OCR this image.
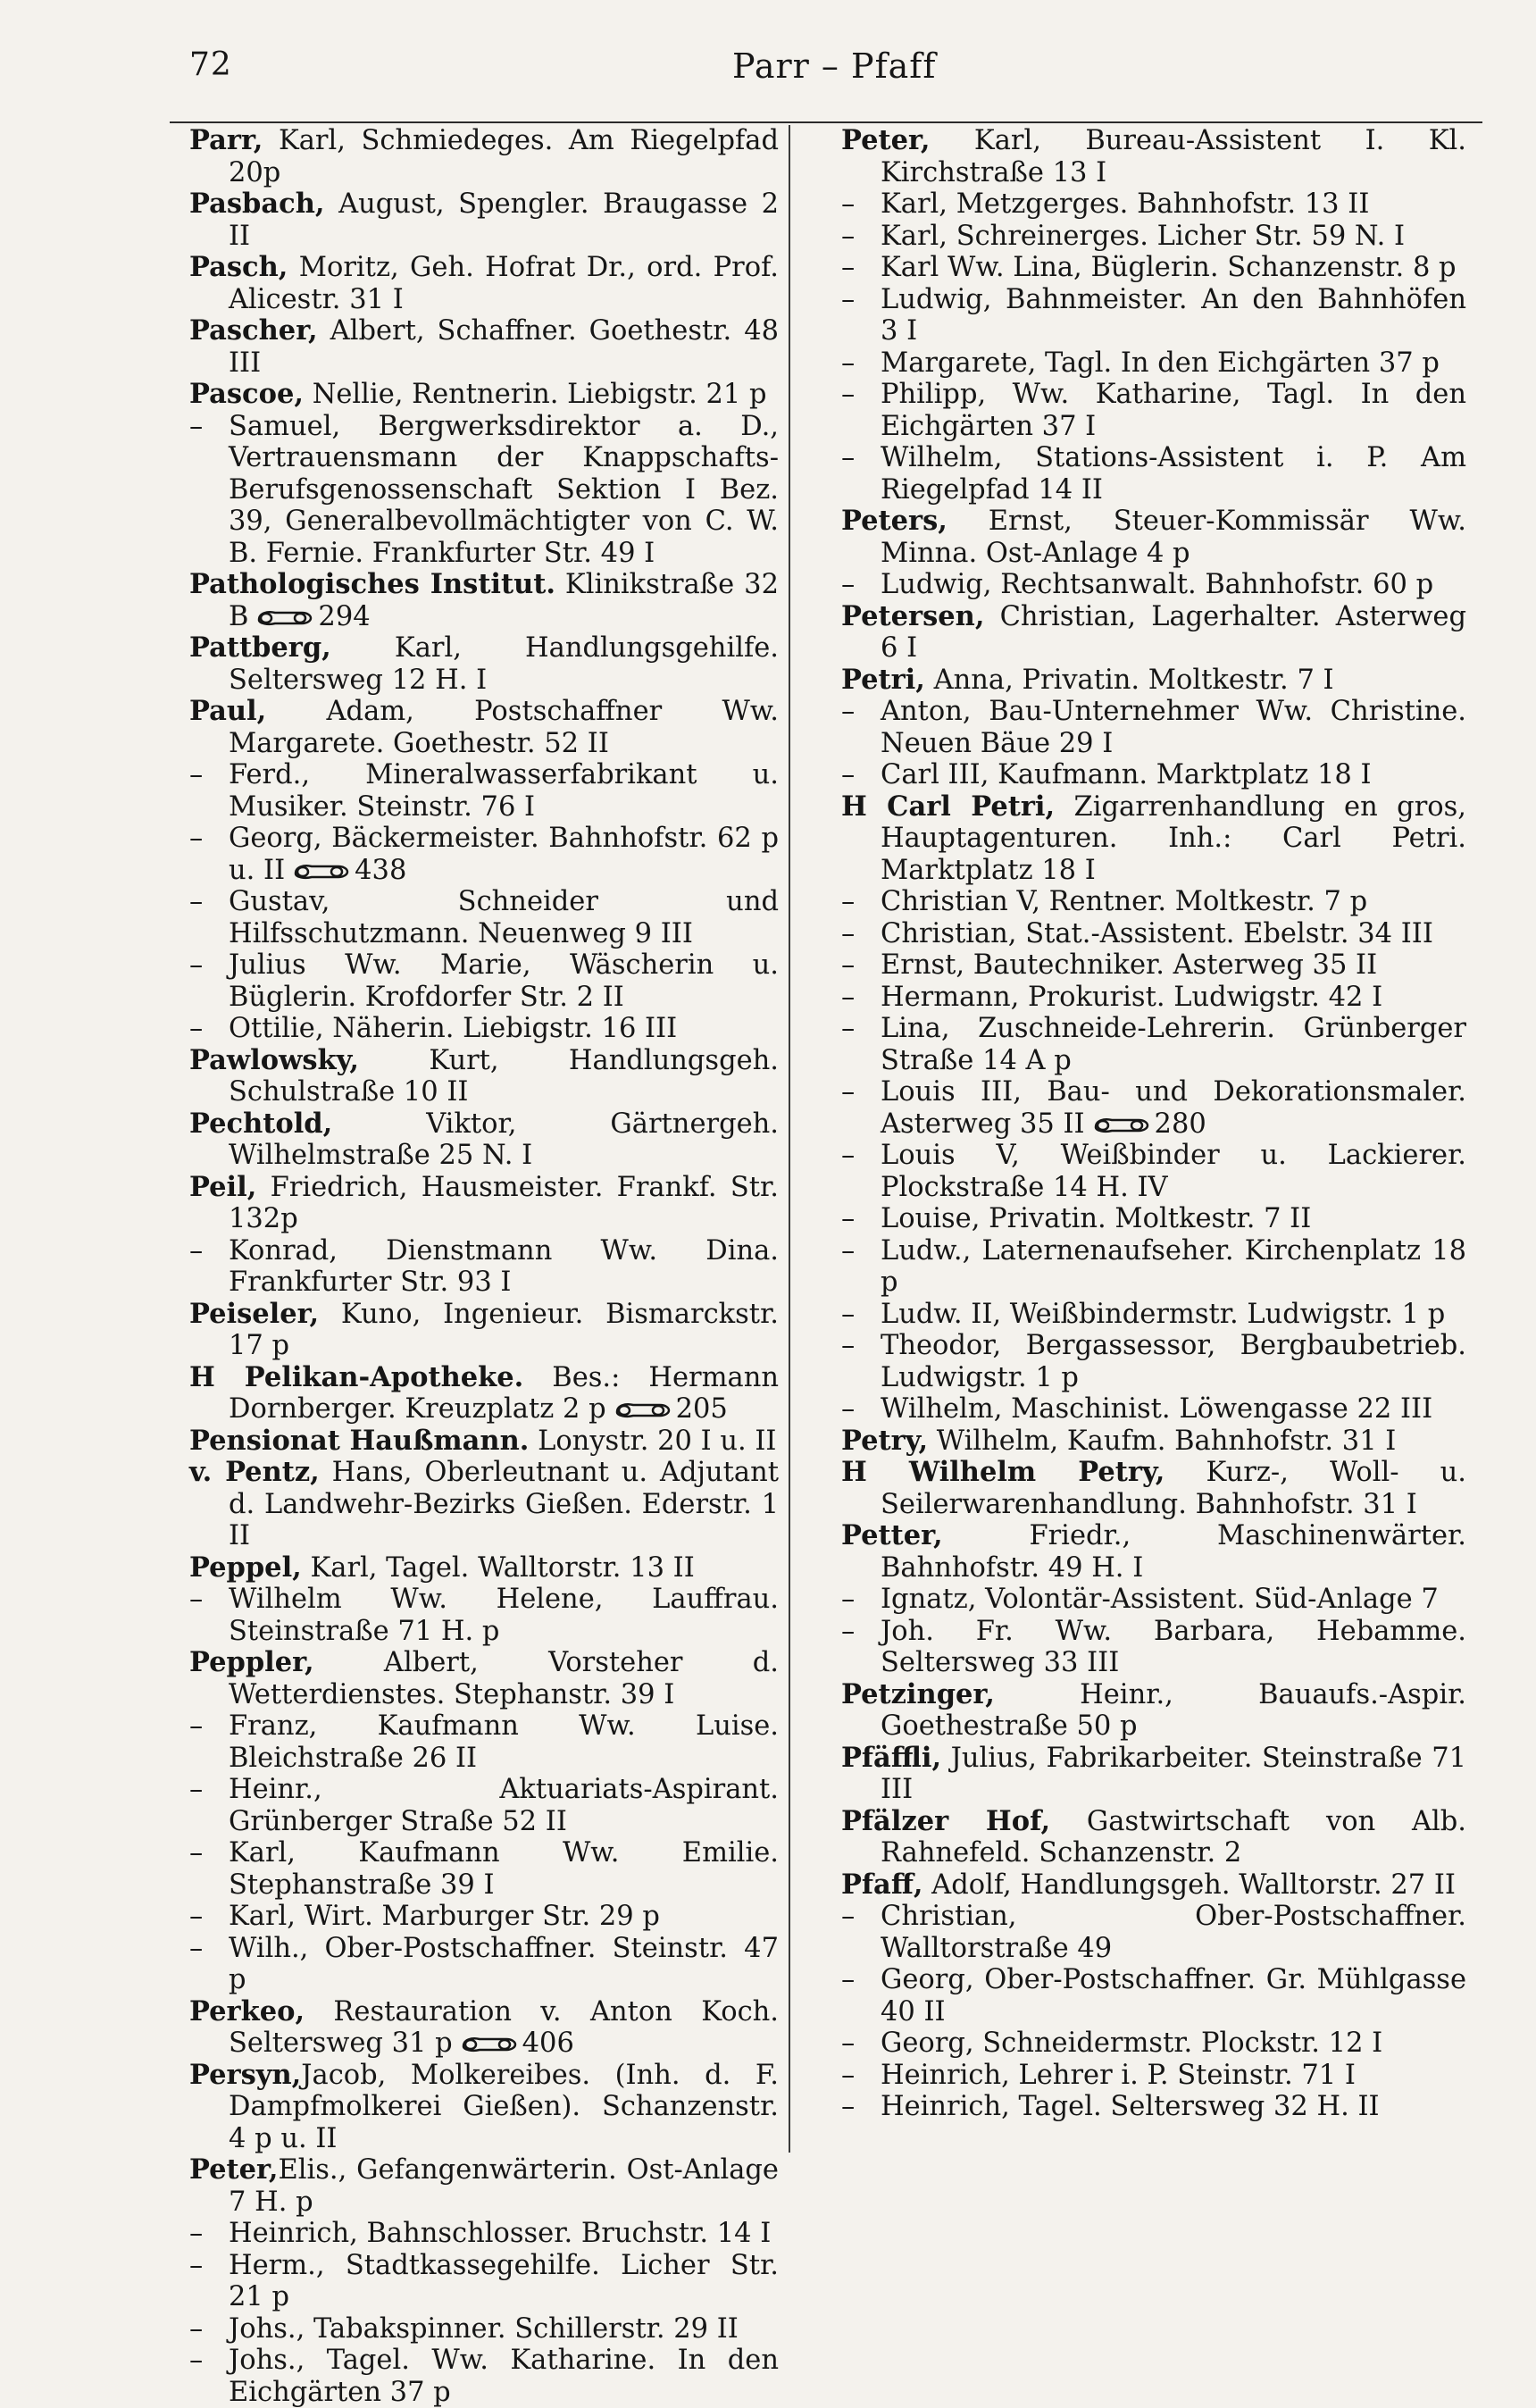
72	Parr – Pfaff

Parr, Karl, Schmiedeges. Am Riegelpfad 20p

Pasbach, August, Spengler. Braugasse 2 II

Pasch, Moritz, Geh. Hofrat Dr., ord. Prof. Alicestr. 31 I

Pascher, Albert, Schaffner. Goethestr. 48 III

Pascoe, Nellie, Rentnerin. Liebigstr. 21 p

– Samuel, Bergwerksdirektor a. D., Vertrauensmann der Knappschafts-Berufsgenossenschaft Sektion I Bez. 39, Generalbevollmächtigter von C. W. B. Fernie. Frankfurter Str. 49 I

Pathologisches Institut. Klinikstraße 32 B	294

Pattberg, Karl, Handlungsgehilfe. Seltersweg 12 H. I

Paul, Adam, Postschaffner Ww. Margarete. Goethestr. 52 II

– Ferd., Mineralwasserfabrikant u. Musiker. Steinstr. 76 I

– Georg, Bäckermeister. Bahnhofstr. 62 p u. II	438

– Gustav, Schneider und Hilfsschutzmann. Neuenweg 9 III

– Julius Ww. Marie, Wäscherin u. Büglerin. Krofdorfer Str. 2 II

– Ottilie, Näherin. Liebigstr. 16 III

Pawlowsky, Kurt, Handlungsgeh. Schulstraße 10 II

Pechtold, Viktor, Gärtnergeh. Wilhelmstraße 25 N. I

Peil, Friedrich, Hausmeister. Frankf. Str. 132p

– Konrad, Dienstmann Ww. Dina. Frankfurter Str. 93 I

Peiseler, Kuno, Ingenieur. Bismarckstr. 17 p

H Pelikan-Apotheke. Bes.: Hermann Dornberger. Kreuzplatz 2 p	205

Pensionat Haußmann. Lonystr. 20 I u. II

v. Pentz, Hans, Oberleutnant u. Adjutant d. Landwehr-Bezirks Gießen. Ederstr. 1 II

Peppel, Karl, Tagel. Walltorstr. 13 II

– Wilhelm Ww. Helene, Lauffrau. Steinstraße 71 H. p

Peppler, Albert, Vorsteher d. Wetterdienstes. Stephanstr. 39 I

– Franz, Kaufmann Ww. Luise. Bleichstraße 26 II

– Heinr., Aktuariats-Aspirant. Grünberger Straße 52 II

– Karl, Kaufmann Ww. Emilie. Stephanstraße 39 I

– Karl, Wirt. Marburger Str. 29 p

– Wilh., Ober-Postschaffner. Steinstr. 47 p

Perkeo, Restauration v. Anton Koch. Seltersweg 31 p	406

Persyn,Jacob, Molkereibes. (Inh. d. F. Dampfmolkerei Gießen). Schanzenstr. 4 p u. II

Peter,Elis., Gefangenwärterin. Ost-Anlage 7 H. p

– Heinrich, Bahnschlosser. Bruchstr. 14 I

– Herm., Stadtkassegehilfe. Licher Str. 21 p

– Johs., Tabakspinner. Schillerstr. 29 II

– Johs., Tagel. Ww. Katharine. In den Eichgärten 37 p

Peter, Karl, Bureau-Assistent I. Kl. Kirchstraße 13 I

– Karl, Metzgerges. Bahnhofstr. 13 II

– Karl, Schreinerges. Licher Str. 59 N. I

– Karl Ww. Lina, Büglerin. Schanzenstr. 8 p

– Ludwig, Bahnmeister. An den Bahnhöfen 3 I

– Margarete, Tagl. In den Eichgärten 37 p

– Philipp, Ww. Katharine, Tagl. In den Eichgärten 37 I

– Wilhelm, Stations-Assistent i. P. Am Riegelpfad 14 II

Peters, Ernst, Steuer-Kommissär Ww. Minna. Ost-Anlage 4 p

– Ludwig, Rechtsanwalt. Bahnhofstr. 60 p

Petersen, Christian, Lagerhalter. Asterweg 6 I

Petri, Anna, Privatin. Moltkestr. 7 I

– Anton, Bau-Unternehmer Ww. Christine. Neuen Bäue 29 I

– Carl III, Kaufmann. Marktplatz 18 I

H Carl Petri, Zigarrenhandlung en gros, Hauptagenturen. Inh.: Carl Petri. Marktplatz 18 I

– Christian V, Rentner. Moltkestr. 7 p

– Christian, Stat.-Assistent. Ebelstr. 34 III

– Ernst, Bautechniker. Asterweg 35 II

– Hermann, Prokurist. Ludwigstr. 42 I

– Lina, Zuschneide-Lehrerin. Grünberger Straße 14 A p

– Louis III, Bau- und Dekorationsmaler. Asterweg 35 II	280

– Louis V, Weißbinder u. Lackierer. Plockstraße 14 H. IV

– Louise, Privatin. Moltkestr. 7 II

– Ludw., Laternenaufseher. Kirchenplatz 18 p

– Ludw. II, Weißbindermstr. Ludwigstr. 1 p

– Theodor, Bergassessor, Bergbaubetrieb. Ludwigstr. 1 p

– Wilhelm, Maschinist. Löwengasse 22 III

Petry, Wilhelm, Kaufm. Bahnhofstr. 31 I

H Wilhelm Petry, Kurz-, Woll- u. Seilerwarenhandlung. Bahnhofstr. 31 I

Petter, Friedr., Maschinenwärter. Bahnhofstr. 49 H. I

– Ignatz, Volontär-Assistent. Süd-Anlage 7

– Joh. Fr. Ww. Barbara, Hebamme. Seltersweg 33 III

Petzinger, Heinr., Bauaufs.-Aspir. Goethestraße 50 p

Pfäffli, Julius, Fabrikarbeiter. Steinstraße 71 III

Pfälzer Hof, Gastwirtschaft von Alb. Rahnefeld. Schanzenstr. 2

Pfaff, Adolf, Handlungsgeh. Walltorstr. 27 II

– Christian, Ober-Postschaffner. Walltorstraße 49

– Georg, Ober-Postschaffner. Gr. Mühlgasse 40 II

– Georg, Schneidermstr. Plockstr. 12 I

– Heinrich, Lehrer i. P. Steinstr. 71 I

– Heinrich, Tagel. Seltersweg 32 H. II
